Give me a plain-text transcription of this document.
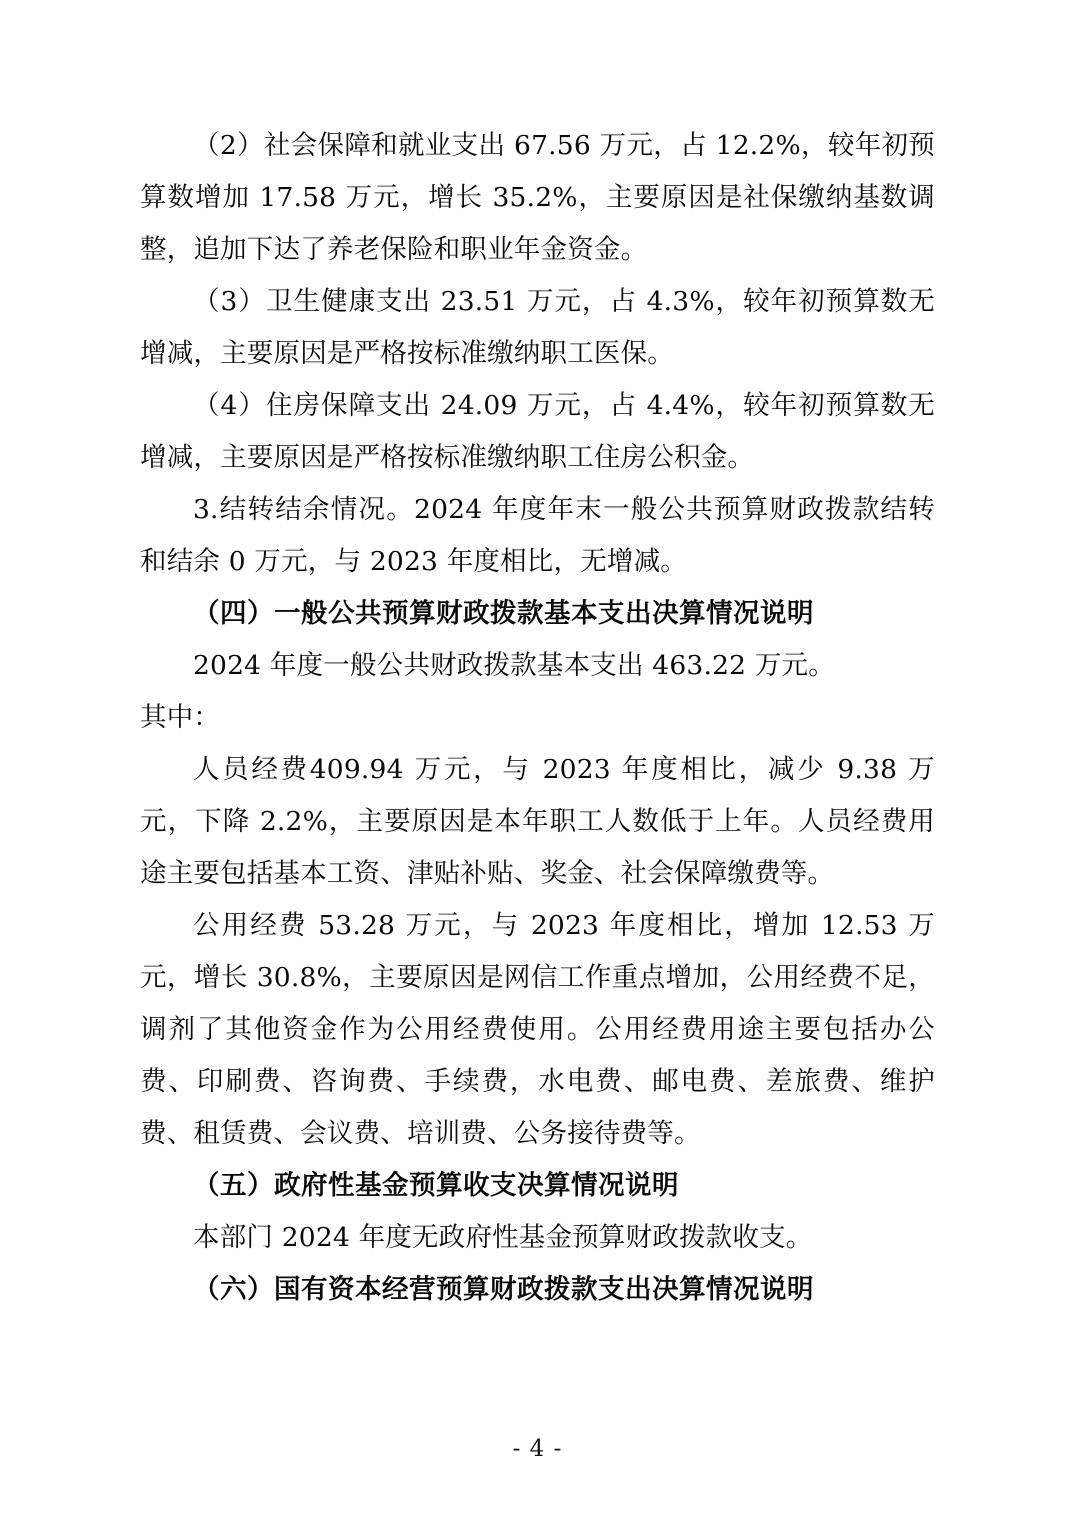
（2）社会保障和就业支出 67.56 万元，占 12.2%，较年初预算数增加 17.58 万元，增长 35.2%，主要原因是社保缴纳基数调整，追加下达了养老保险和职业年金资金。

（3）卫生健康支出 23.51 万元，占 4.3%，较年初预算数无增减，主要原因是严格按标准缴纳职工医保。

（4）住房保障支出 24.09 万元，占 4.4%，较年初预算数无增减，主要原因是严格按标准缴纳职工住房公积金。

3.结转结余情况。2024 年度年末一般公共预算财政拨款结转和结余 0 万元，与 2023 年度相比，无增减。

（四）一般公共预算财政拨款基本支出决算情况说明

2024 年度一般公共财政拨款基本支出 463.22 万元。

其中：

人员经费409.94 万元，与 2023 年度相比，减少 9.38 万元，下降 2.2%，主要原因是本年职工人数低于上年。人员经费用途主要包括基本工资、津贴补贴、奖金、社会保障缴费等。

公用经费 53.28 万元，与 2023 年度相比，增加 12.53 万元，增长 30.8%，主要原因是网信工作重点增加，公用经费不足，调剂了其他资金作为公用经费使用。公用经费用途主要包括办公费、印刷费、咨询费、手续费，水电费、邮电费、差旅费、维护费、租赁费、会议费、培训费、公务接待费等。

（五）政府性基金预算收支决算情况说明

本部门 2024 年度无政府性基金预算财政拨款收支。

（六）国有资本经营预算财政拨款支出决算情况说明

- 4 -
